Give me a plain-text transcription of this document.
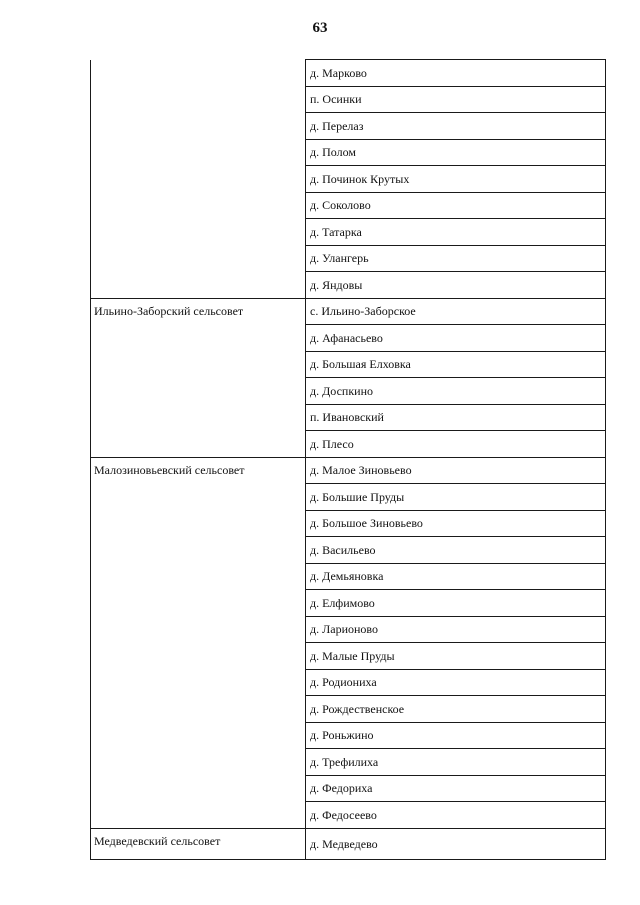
63
	д. Марково
	п. Осинки
	д. Перелаз
	д. Полом
	д. Починок Крутых
	д. Соколово
	д. Татарка
	д. Улангерь
	д. Яндовы
Ильино-Заборский сельсовет	с. Ильино-Заборское
	д. Афанасьево
	д. Большая Елховка
	д. Доспкино
	п. Ивановский
	д. Плесо
Малозиновьевский сельсовет	д. Малое Зиновьево
	д. Большие Пруды
	д. Большое Зиновьево
	д. Васильево
	д. Демьяновка
	д. Елфимово
	д. Ларионово
	д. Малые Пруды
	д. Родиониха
	д. Рождественское
	д. Роньжино
	д. Трефилиха
	д. Федориха
	д. Федосеево
Медведевский сельсовет	д. Медведево
